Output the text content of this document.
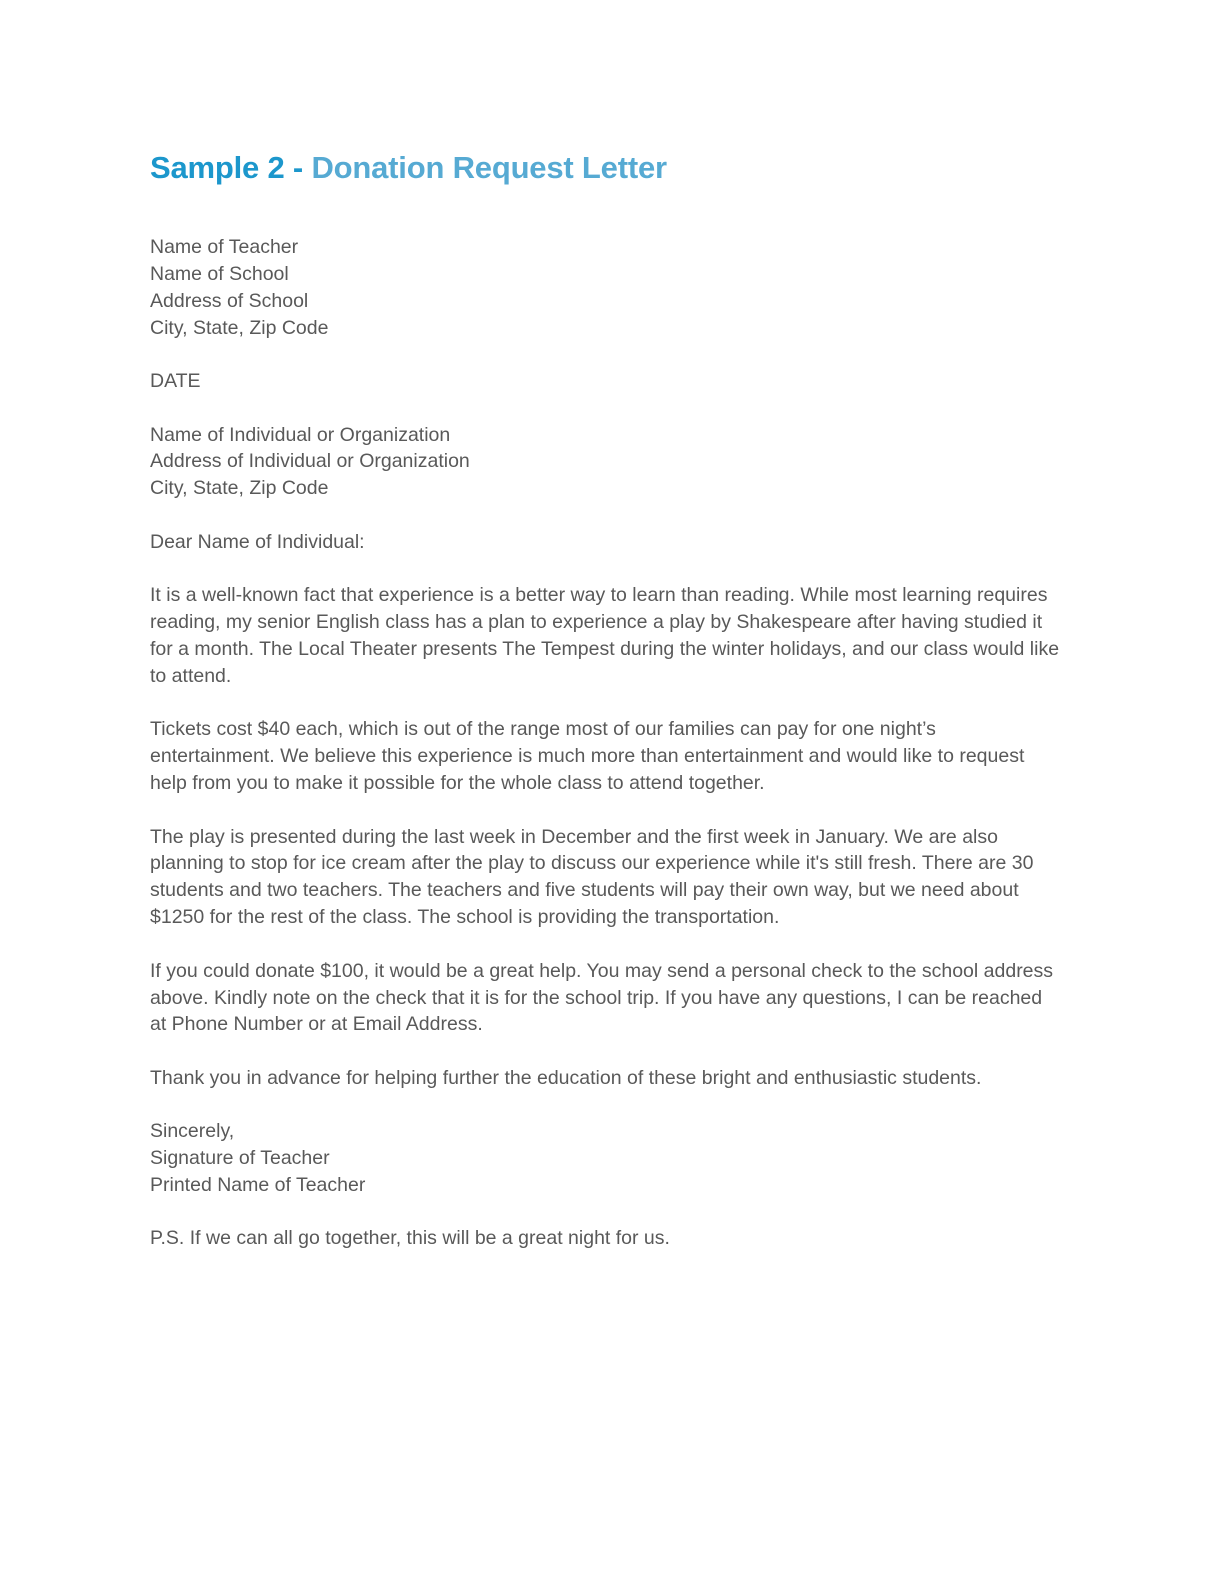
Sample 2 - Donation Request Letter
Name of Teacher
Name of School
Address of School
City, State, Zip Code
DATE
Name of Individual or Organization
Address of Individual or Organization
City, State, Zip Code
Dear Name of Individual:

It is a well-known fact that experience is a better way to learn than reading. While most learning requires reading, my senior English class has a plan to experience a play by Shakespeare after having studied it for a month. The Local Theater presents The Tempest during the winter holidays, and our class would like to attend.

Tickets cost $40 each, which is out of the range most of our families can pay for one night’s entertainment. We believe this experience is much more than entertainment and would like to request help from you to make it possible for the whole class to attend together.

The play is presented during the last week in December and the first week in January. We are also planning to stop for ice cream after the play to discuss our experience while it's still fresh. There are 30 students and two teachers. The teachers and five students will pay their own way, but we need about $1250 for the rest of the class. The school is providing the transportation.

If you could donate $100, it would be a great help. You may send a personal check to the school address above. Kindly note on the check that it is for the school trip. If you have any questions, I can be reached at Phone Number or at Email Address.

Thank you in advance for helping further the education of these bright and enthusiastic students.

Sincerely,
Signature of Teacher
Printed Name of Teacher
P.S. If we can all go together, this will be a great night for us.
